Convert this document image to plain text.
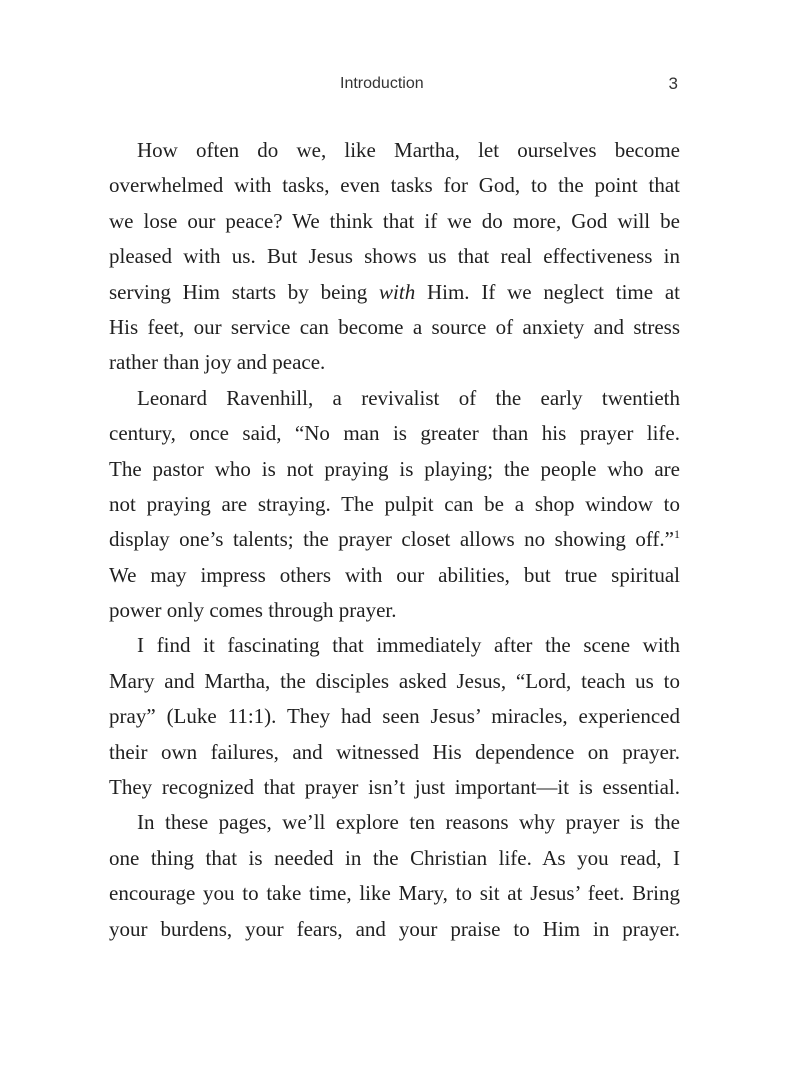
Introduction	3
How often do we, like Martha, let ourselves become
overwhelmed with tasks, even tasks for God, to the point that
we lose our peace? We think that if we do more, God will be
pleased with us. But Jesus shows us that real effectiveness in
serving Him starts by being with Him. If we neglect time at
His feet, our service can become a source of anxiety and stress
rather than joy and peace.
Leonard Ravenhill, a revivalist of the early twentieth
century, once said, “No man is greater than his prayer life.
The pastor who is not praying is playing; the people who are
not praying are straying. The pulpit can be a shop window to
display one’s talents; the prayer closet allows no showing off.”$^1$
We may impress others with our abilities, but true spiritual
power only comes through prayer.
I find it fascinating that immediately after the scene with
Mary and Martha, the disciples asked Jesus, “Lord, teach us to
pray” (Luke 11:1). They had seen Jesus’ miracles, experienced
their own failures, and witnessed His dependence on prayer.
They recognized that prayer isn’t just important—it is essential.
In these pages, we’ll explore ten reasons why prayer is the
one thing that is needed in the Christian life. As you read, I
encourage you to take time, like Mary, to sit at Jesus’ feet. Bring
your burdens, your fears, and your praise to Him in prayer.
